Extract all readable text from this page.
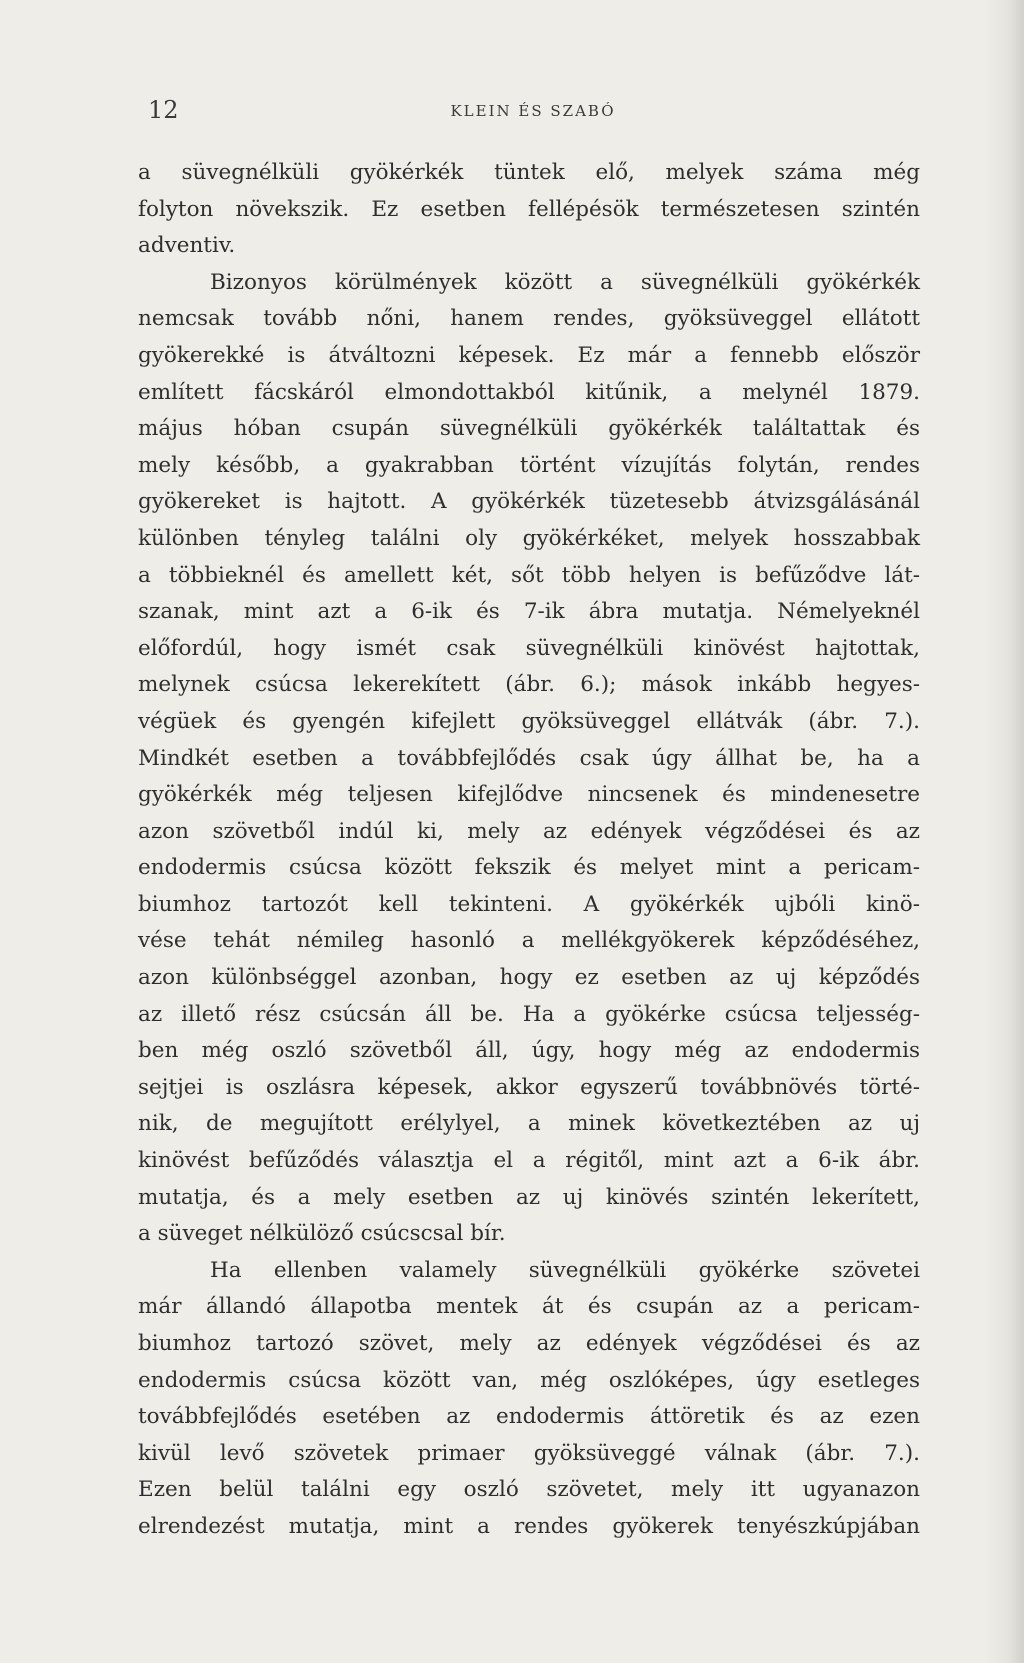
12	KLEIN ÉS SZABÓ

a süvegnélküli gyökérkék tüntek elő, melyek száma még

folyton növekszik. Ez esetben fellépésök természetesen szintén

adventiv.

Bizonyos körülmények között a süvegnélküli gyökérkék

nemcsak tovább nőni, hanem rendes, gyöksüveggel ellátott

gyökerekké is átváltozni képesek. Ez már a fennebb először

említett fácskáról elmondottakból kitűnik, a melynél 1879.

május hóban csupán süvegnélküli gyökérkék találtattak és

mely később, a gyakrabban történt vízujítás folytán, rendes

gyökereket is hajtott. A gyökérkék tüzetesebb átvizsgálásánál

különben tényleg találni oly gyökérkéket, melyek hosszabbak

a többieknél és amellett két, sőt több helyen is befűződve lát-

szanak, mint azt a 6-ik és 7-ik ábra mutatja. Némelyeknél

előfordúl, hogy ismét csak süvegnélküli kinövést hajtottak,

melynek csúcsa lekerekített (ábr. 6.); mások inkább hegyes-

végüek és gyengén kifejlett gyöksüveggel ellátvák (ábr. 7.).

Mindkét esetben a továbbfejlődés csak úgy állhat be, ha a

gyökérkék még teljesen kifejlődve nincsenek és mindenesetre

azon szövetből indúl ki, mely az edények végződései és az

endodermis csúcsa között fekszik és melyet mint a pericam-

biumhoz tartozót kell tekinteni. A gyökérkék ujbóli kinö-

vése tehát némileg hasonló a mellékgyökerek képződéséhez,

azon különbséggel azonban, hogy ez esetben az uj képződés

az illető rész csúcsán áll be. Ha a gyökérke csúcsa teljesség-

ben még oszló szövetből áll, úgy, hogy még az endodermis

sejtjei is oszlásra képesek, akkor egyszerű továbbnövés törté-

nik, de megujított erélylyel, a minek következtében az uj

kinövést befűződés választja el a régitől, mint azt a 6-ik ábr.

mutatja, és a mely esetben az uj kinövés szintén lekerített,

a süveget nélkülöző csúcscsal bír.

Ha ellenben valamely süvegnélküli gyökérke szövetei

már állandó állapotba mentek át és csupán az a pericam-

biumhoz tartozó szövet, mely az edények végződései és az

endodermis csúcsa között van, még oszlóképes, úgy esetleges

továbbfejlődés esetében az endodermis áttöretik és az ezen

kivül levő szövetek primaer gyöksüveggé válnak (ábr. 7.).

Ezen belül találni egy oszló szövetet, mely itt ugyanazon

elrendezést mutatja, mint a rendes gyökerek tenyészkúpjában
